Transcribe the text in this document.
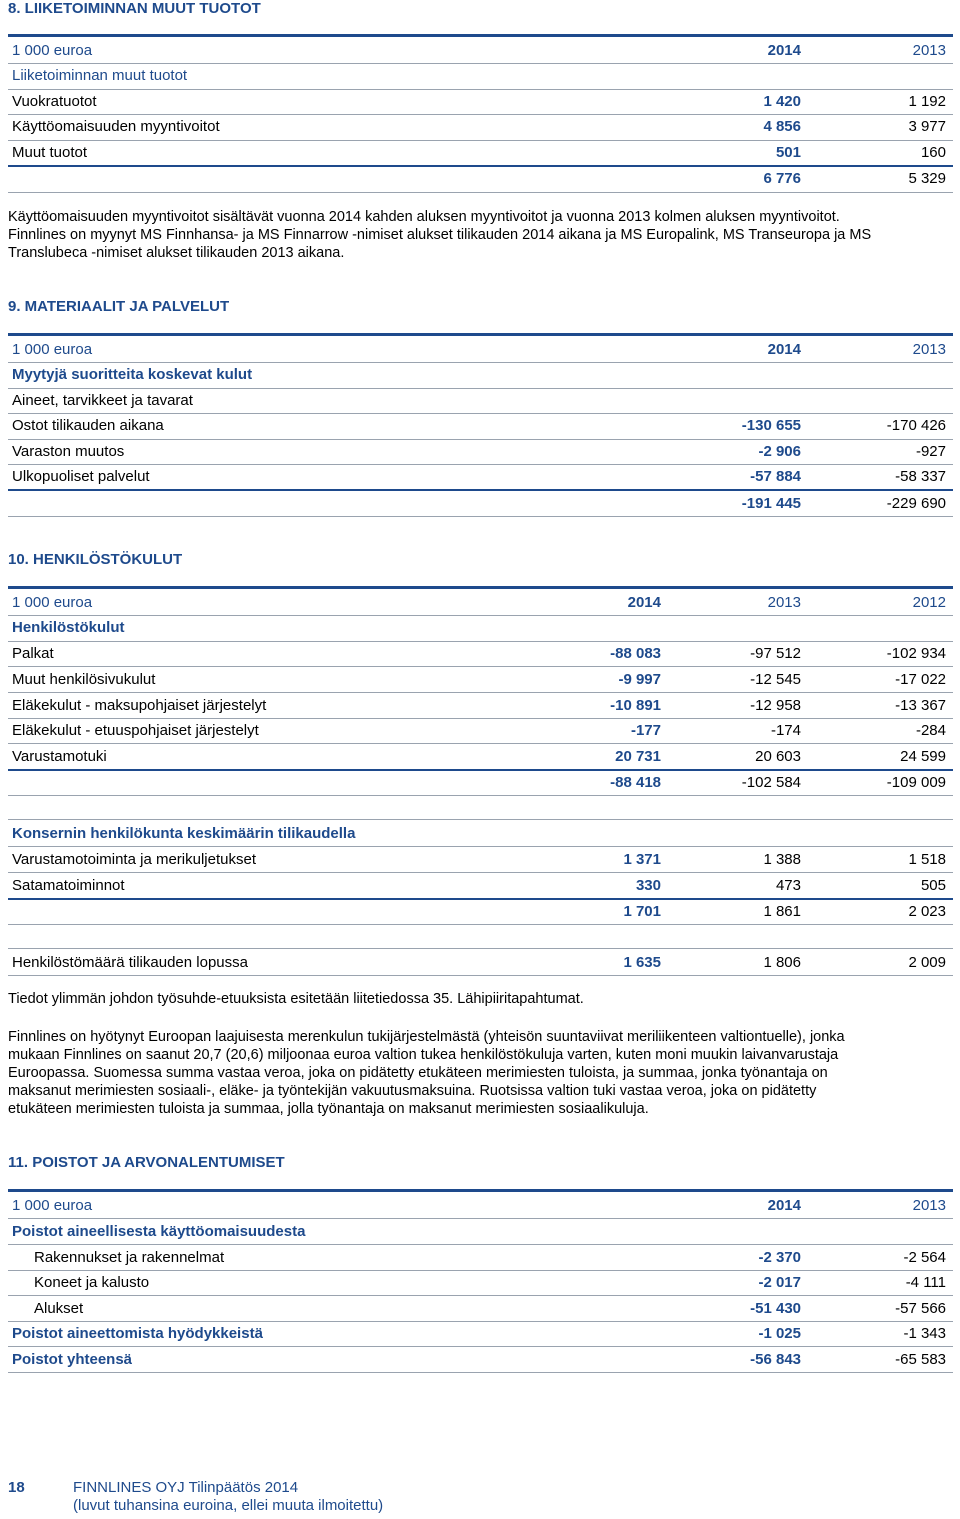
8. LIIKETOIMINNAN MUUT TUOTOT
1 000 euroa	2014	2013
Liiketoiminnan muut tuotot
Vuokratuotot	1 420	1 192
Käyttöomaisuuden myyntivoitot	4 856	3 977
Muut tuotot	501	160
6 776	5 329
Käyttöomaisuuden myyntivoitot sisältävät vuonna 2014 kahden aluksen myyntivoitot ja vuonna 2013 kolmen aluksen myyntivoitot.
Finnlines on myynyt MS Finnhansa- ja MS Finnarrow -nimiset alukset tilikauden 2014 aikana ja MS Europalink, MS Transeuropa ja MS
Translubeca -nimiset alukset tilikauden 2013 aikana.
9. MATERIAALIT JA PALVELUT
1 000 euroa	2014	2013
Myytyjä suoritteita koskevat kulut
Aineet, tarvikkeet ja tavarat
Ostot tilikauden aikana	-130 655	-170 426
Varaston muutos	-2 906	-927
Ulkopuoliset palvelut	-57 884	-58 337
-191 445	-229 690
10. HENKILÖSTÖKULUT
1 000 euroa	2014	2013	2012
Henkilöstökulut
Palkat	-88 083	-97 512	-102 934
Muut henkilösivukulut	-9 997	-12 545	-17 022
Eläkekulut - maksupohjaiset järjestelyt	-10 891	-12 958	-13 367
Eläkekulut - etuuspohjaiset järjestelyt	-177	-174	-284
Varustamotuki	20 731	20 603	24 599
-88 418	-102 584	-109 009
Konsernin henkilökunta keskimäärin tilikaudella
Varustamotoiminta ja merikuljetukset	1 371	1 388	1 518
Satamatoiminnot	330	473	505
1 701	1 861	2 023
Henkilöstömäärä tilikauden lopussa	1 635	1 806	2 009
Tiedot ylimmän johdon työsuhde-etuuksista esitetään liitetiedossa 35. Lähipiiritapahtumat.
Finnlines on hyötynyt Euroopan laajuisesta merenkulun tukijärjestelmästä (yhteisön suuntaviivat meriliikenteen valtiontuelle), jonka
mukaan Finnlines on saanut 20,7 (20,6) miljoonaa euroa valtion tukea henkilöstökuluja varten, kuten moni muukin laivanvarustaja
Euroopassa. Suomessa summa vastaa veroa, joka on pidätetty etukäteen merimiesten tuloista, ja summaa, jonka työnantaja on
maksanut merimiesten sosiaali-, eläke- ja työntekijän vakuutusmaksuina. Ruotsissa valtion tuki vastaa veroa, joka on pidätetty
etukäteen merimiesten tuloista ja summaa, jolla työnantaja on maksanut merimiesten sosiaalikuluja.
11. POISTOT JA ARVONALENTUMISET
1 000 euroa	2014	2013
Poistot aineellisesta käyttöomaisuudesta
Rakennukset ja rakennelmat	-2 370	-2 564
Koneet ja kalusto	-2 017	-4 111
Alukset	-51 430	-57 566
Poistot aineettomista hyödykkeistä	-1 025	-1 343
Poistot yhteensä	-56 843	-65 583
18	FINNLINES OYJ Tilinpäätös 2014
(luvut tuhansina euroina, ellei muuta ilmoitettu)
